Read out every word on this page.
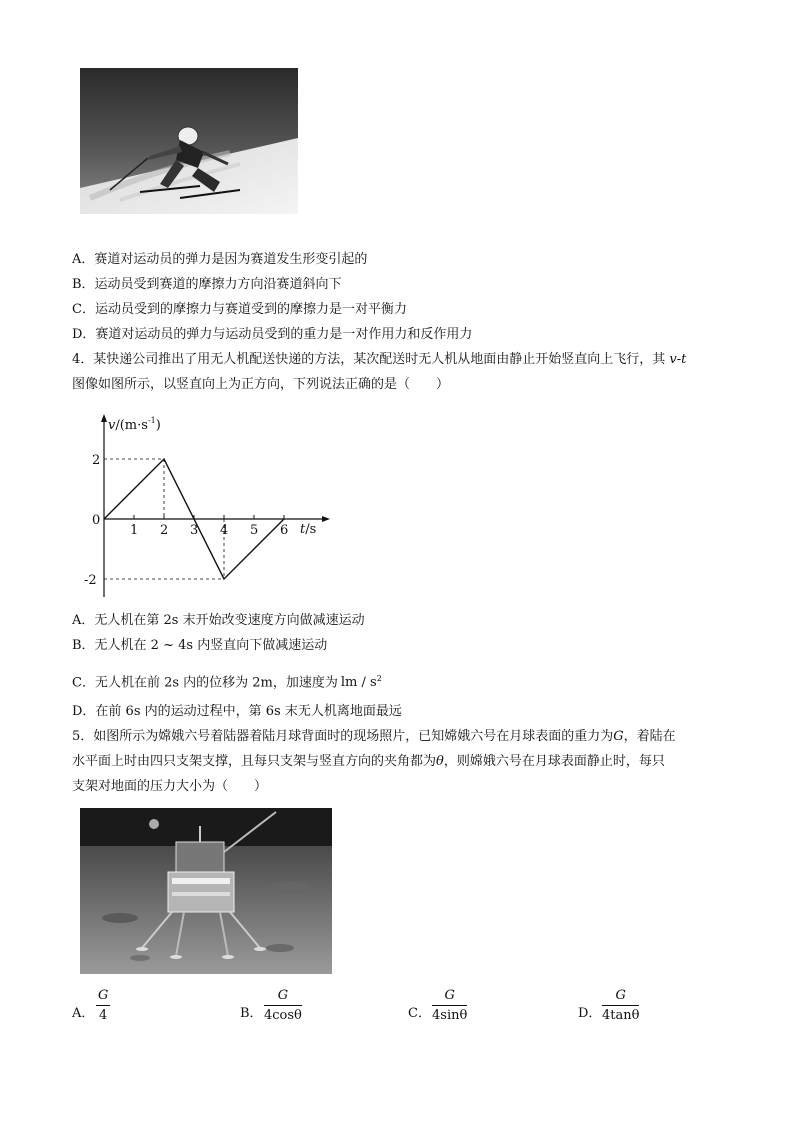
A．赛道对运动员的弹力是因为赛道发生形变引起的
B．运动员受到赛道的摩擦力方向沿赛道斜向下
C．运动员受到的摩擦力与赛道受到的摩擦力是一对平衡力
D．赛道对运动员的弹力与运动员受到的重力是一对作用力和反作用力
4．某快递公司推出了用无人机配送快递的方法，某次配送时无人机从地面由静止开始竖直向上飞行，其 v-t
图像如图所示，以竖直向上为正方向，下列说法正确的是（　　）
$v/(m\cdot s^{-1})$
t/s
0
1 2 3 4 5 6
2
-2
A．无人机在第 2s 末开始改变速度方向做减速运动
B．无人机在 2 ~ 4s 内竖直向下做减速运动
C．无人机在前 2s 内的位移为 2m，加速度为 lm / $s^2$
D．在前 6s 内的运动过程中，第 6s 末无人机离地面最远
5．如图所示为嫦娥六号着陆器着陆月球背面时的现场照片，已知嫦娥六号在月球表面的重力为G，着陆在
水平面上时由四只支架支撑，且每只支架与竖直方向的夹角都为θ，则嫦娥六号在月球表面静止时，每只
支架对地面的压力大小为（　　）
A．
G
4	B．
G
4cosθ	C．
G
4sinθ	D．
G
4tanθ
